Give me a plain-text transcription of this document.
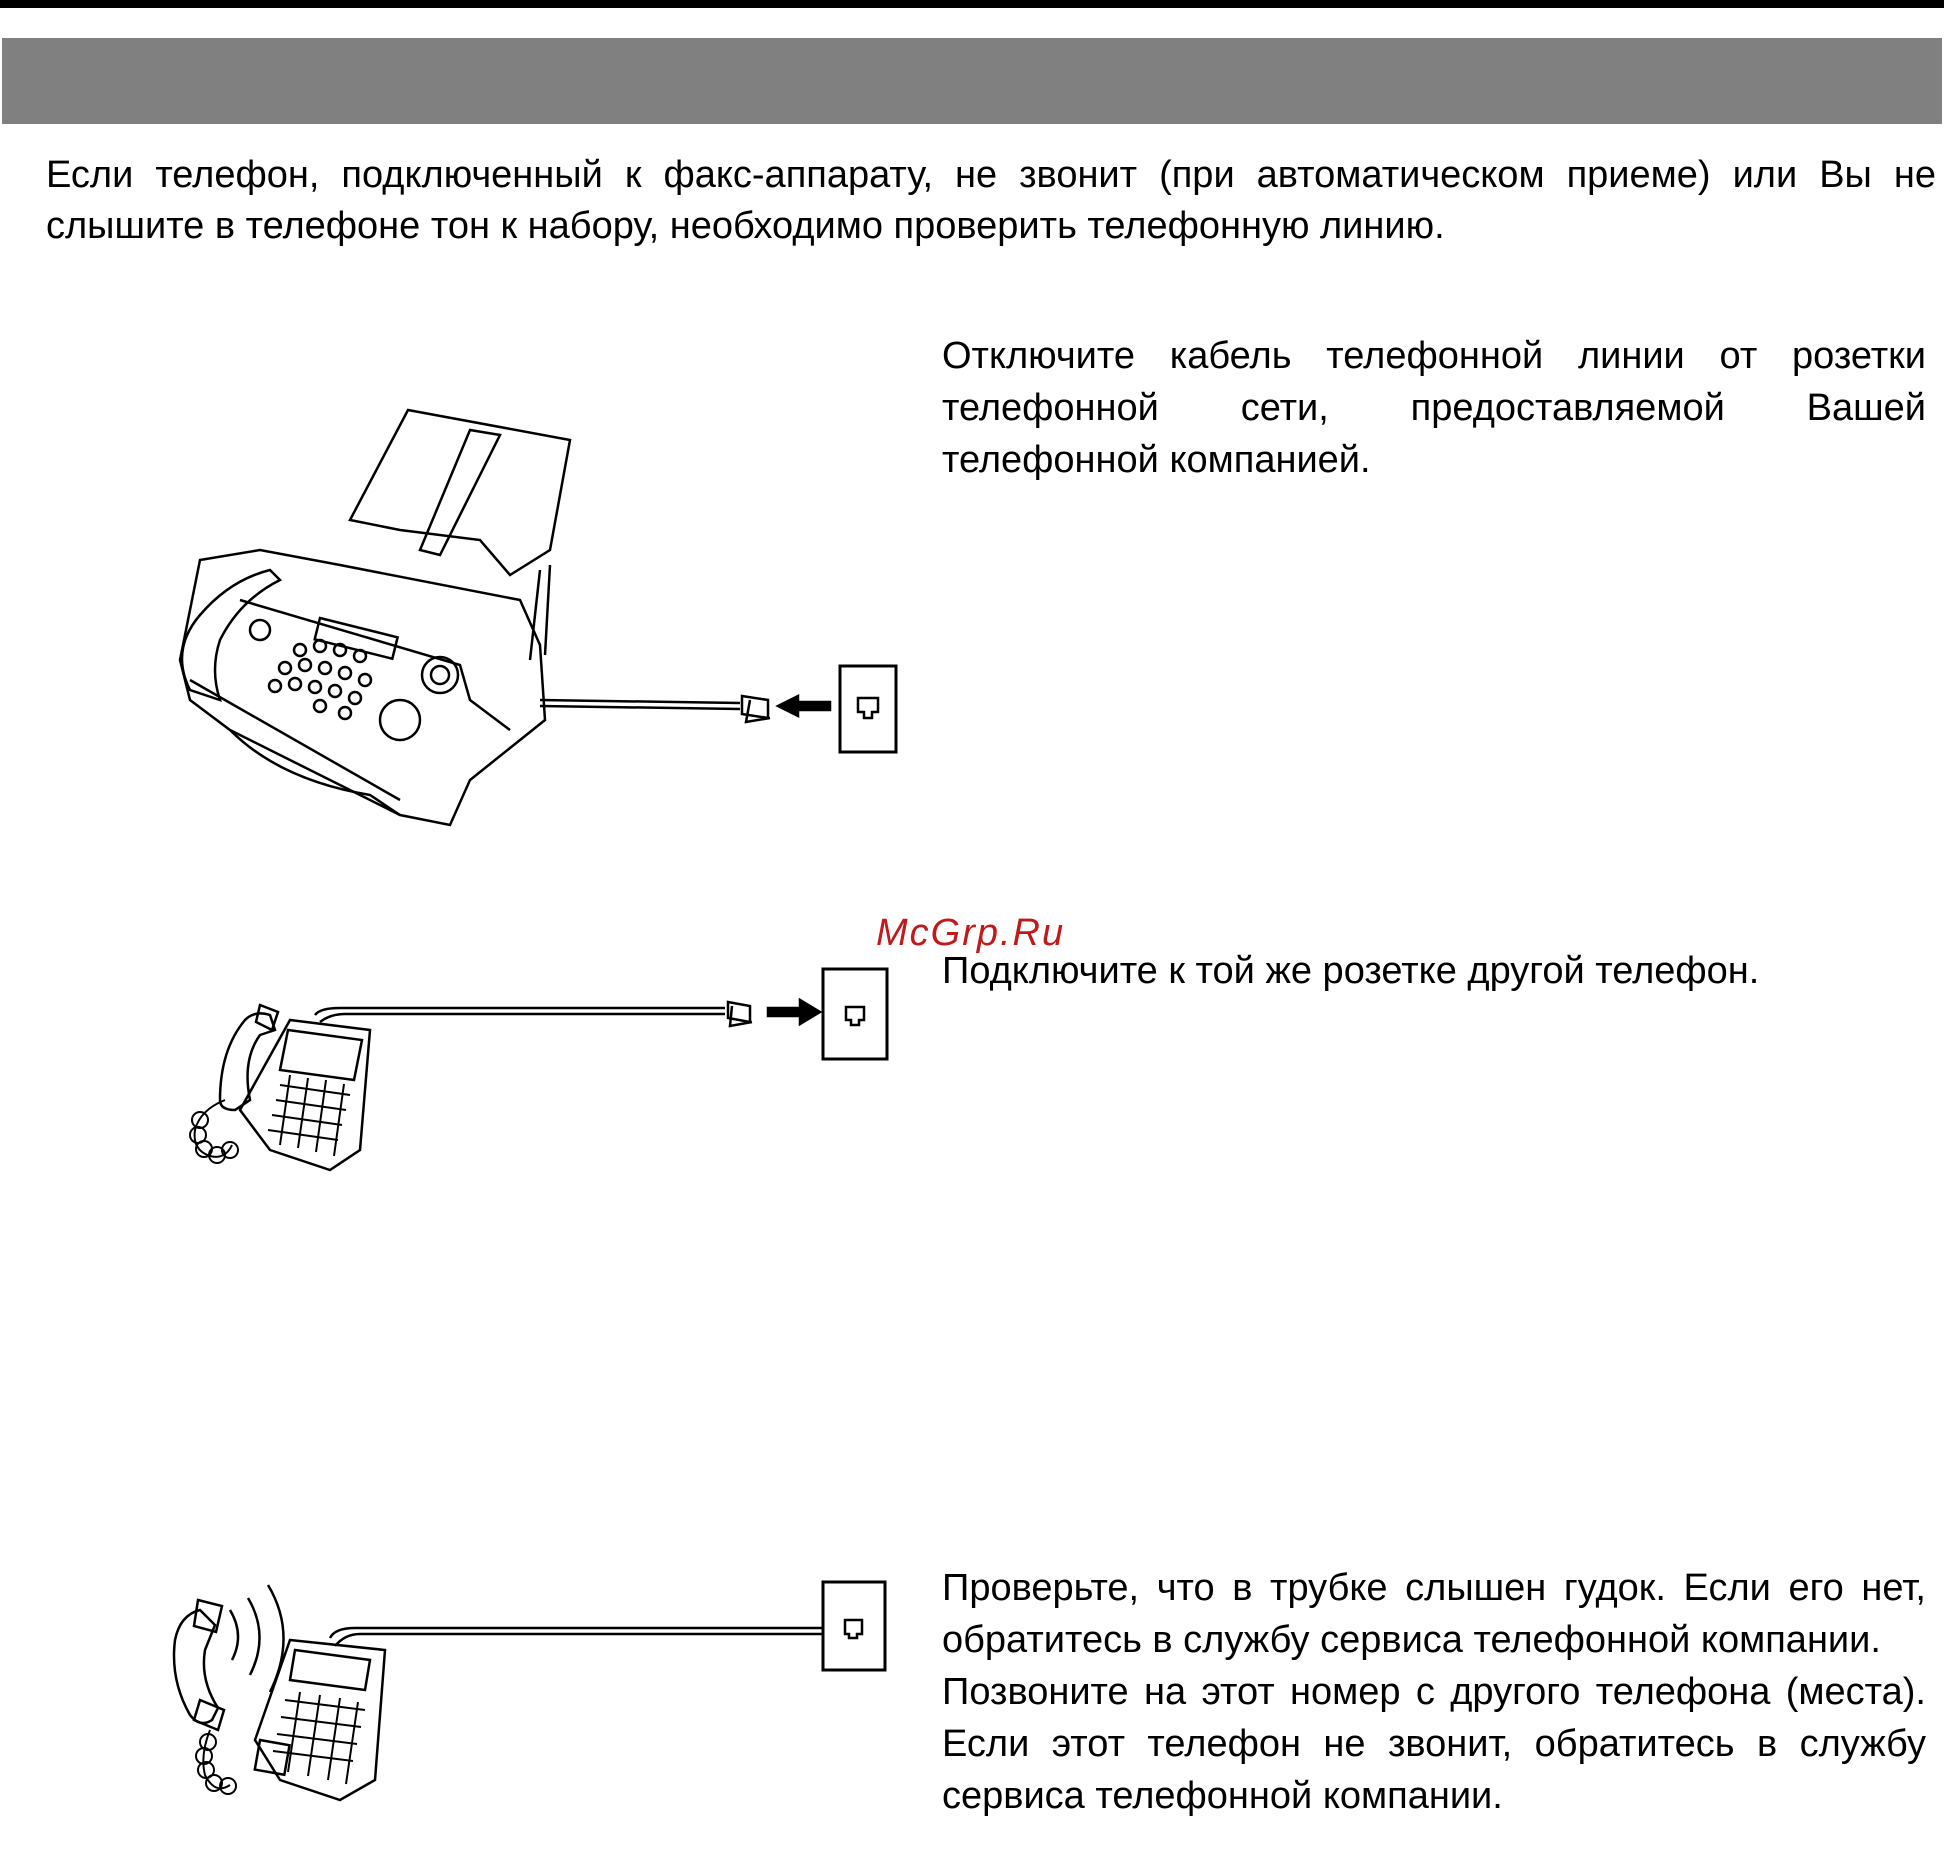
Если телефон, подключенный к факс-аппарату, не звонит (при автоматическом приеме) или Вы не слышите в телефоне тон к набору, необходимо проверить телефонную линию.

McGrp.Ru

Отключите кабель телефонной линии от розетки телефонной сети, предоставляемой Вашей телефонной компанией.

Подключите к той же розетке другой телефон.

Проверьте, что в трубке слышен гудок. Если его нет, обратитесь в службу сервиса телефонной компании.

Позвоните на этот номер с другого телефона (места). Если этот телефон не звонит, обратитесь в службу сервиса телефонной компании.
